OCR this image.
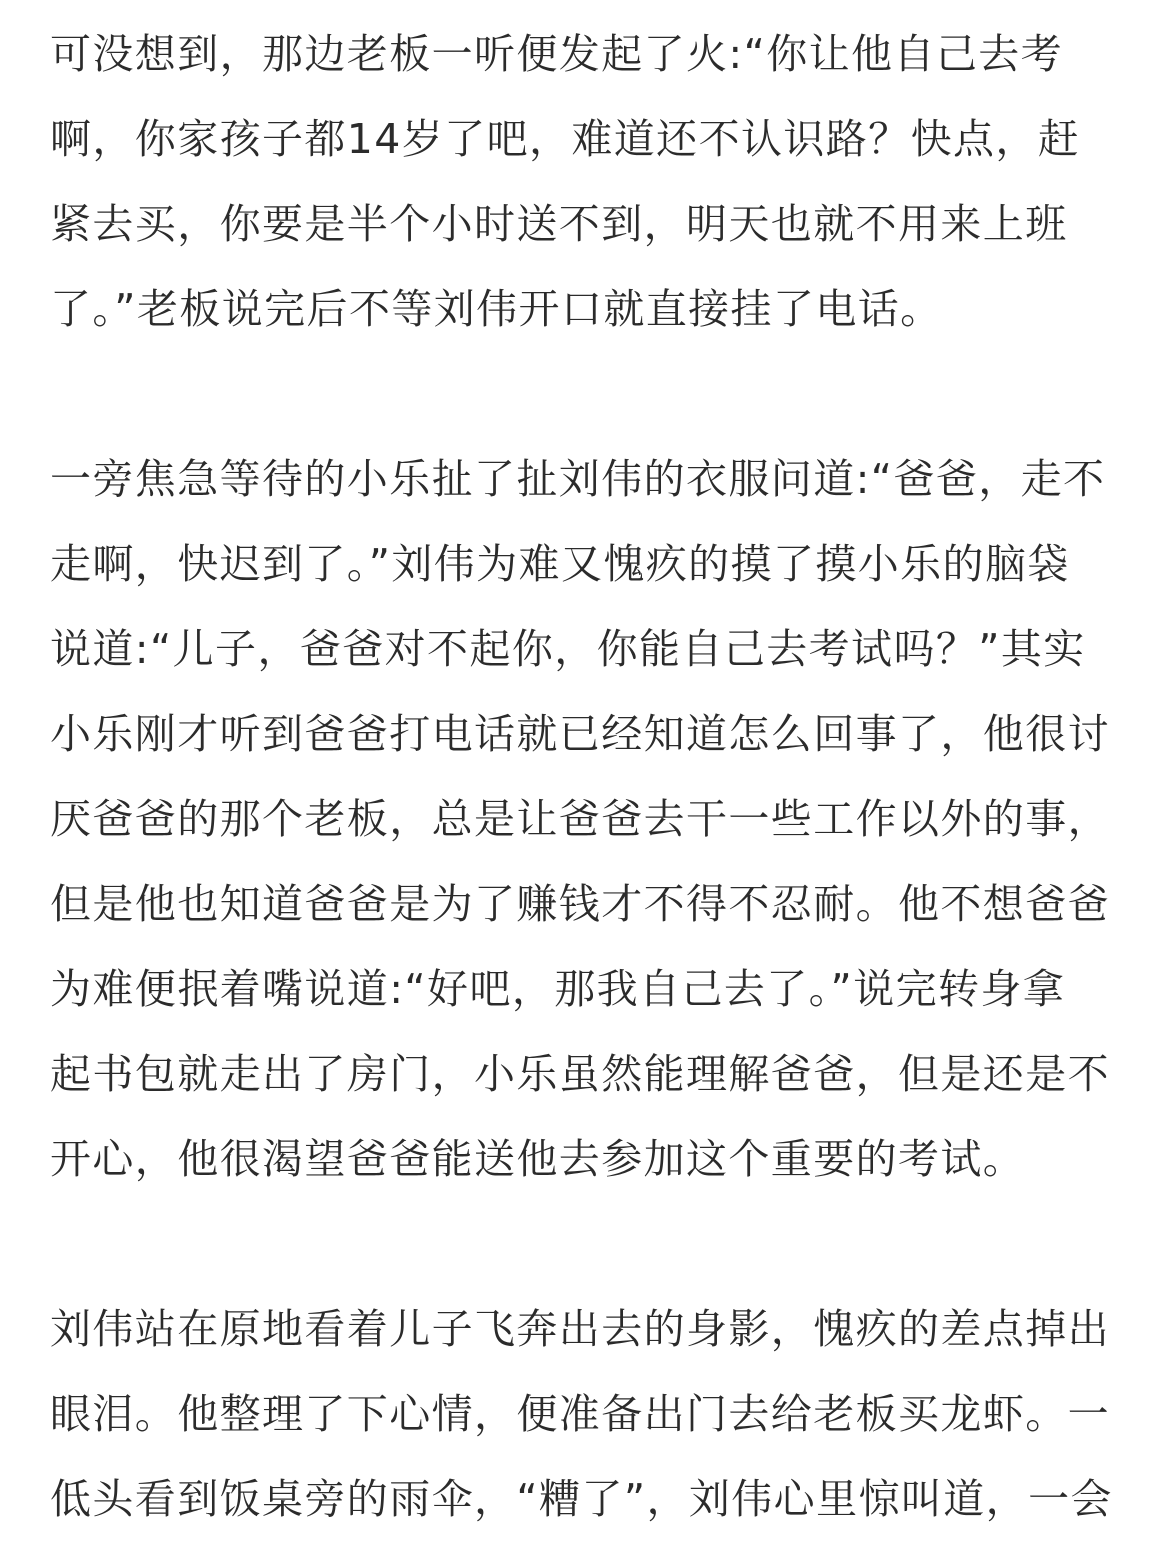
可没想到，那边老板一听便发起了火:“你让他自己去考
啊，你家孩子都14岁了吧，难道还不认识路？快点，赶
紧去买，你要是半个小时送不到，明天也就不用来上班
了。”老板说完后不等刘伟开口就直接挂了电话。
一旁焦急等待的小乐扯了扯刘伟的衣服问道:“爸爸，走不
走啊，快迟到了。”刘伟为难又愧疚的摸了摸小乐的脑袋
说道:“儿子，爸爸对不起你，你能自己去考试吗？”其实
小乐刚才听到爸爸打电话就已经知道怎么回事了，他很讨
厌爸爸的那个老板，总是让爸爸去干一些工作以外的事，
但是他也知道爸爸是为了赚钱才不得不忍耐。他不想爸爸
为难便抿着嘴说道:“好吧，那我自己去了。”说完转身拿
起书包就走出了房门，小乐虽然能理解爸爸，但是还是不
开心，他很渴望爸爸能送他去参加这个重要的考试。
刘伟站在原地看着儿子飞奔出去的身影，愧疚的差点掉出
眼泪。他整理了下心情，便准备出门去给老板买龙虾。一
低头看到饭桌旁的雨伞，“糟了”，刘伟心里惊叫道，一会
